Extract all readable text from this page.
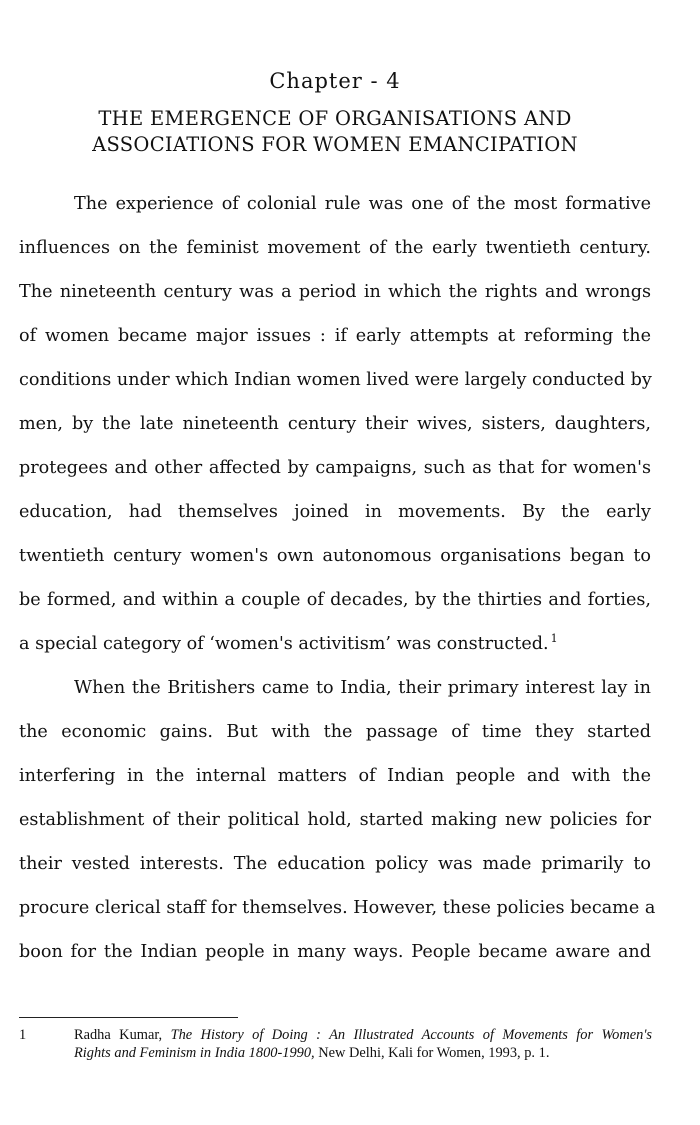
Chapter - 4
THE EMERGENCE OF ORGANISATIONS AND
ASSOCIATIONS FOR WOMEN EMANCIPATION
The experience of colonial rule was one of the most formative
influences on the feminist movement of the early twentieth century.
The nineteenth century was a period in which the rights and wrongs
of women became major issues : if early attempts at reforming the
conditions under which Indian women lived were largely conducted by
men, by the late nineteenth century their wives, sisters, daughters,
protegees and other affected by campaigns, such as that for women's
education, had themselves joined in movements. By the early
twentieth century women's own autonomous organisations began to
be formed, and within a couple of decades, by the thirties and forties,
a special category of ‘women's activitism’ was constructed. $^1$
When the Britishers came to India, their primary interest lay in
the economic gains. But with the passage of time they started
interfering in the internal matters of Indian people and with the
establishment of their political hold, started making new policies for
their vested interests. The education policy was made primarily to
procure clerical staff for themselves. However, these policies became a
boon for the Indian people in many ways. People became aware and
1	Radha Kumar, The History of Doing : An Illustrated Accounts of Movements for Women's
Rights and Feminism in India 1800-1990, New Delhi, Kali for Women, 1993, p. 1.
